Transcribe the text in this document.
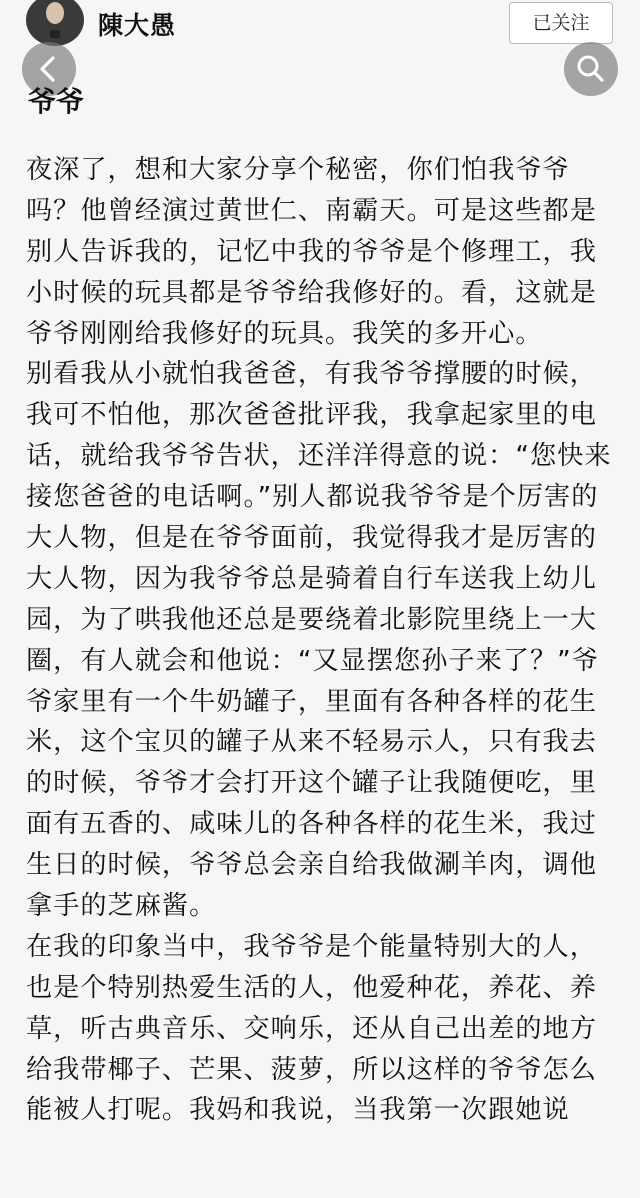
陳大愚	已关注
爷爷
夜深了，想和大家分享个秘密，你们怕我爷爷
吗？他曾经演过黄世仁、南霸天。可是这些都是
别人告诉我的，记忆中我的爷爷是个修理工，我
小时候的玩具都是爷爷给我修好的。看，这就是
爷爷刚刚给我修好的玩具。我笑的多开心。
别看我从小就怕我爸爸，有我爷爷撑腰的时候，
我可不怕他，那次爸爸批评我，我拿起家里的电
话，就给我爷爷告状，还洋洋得意的说：“您快来
接您爸爸的电话啊。”别人都说我爷爷是个厉害的
大人物，但是在爷爷面前，我觉得我才是厉害的
大人物，因为我爷爷总是骑着自行车送我上幼儿
园，为了哄我他还总是要绕着北影院里绕上一大
圈，有人就会和他说：“又显摆您孙子来了？”爷
爷家里有一个牛奶罐子，里面有各种各样的花生
米，这个宝贝的罐子从来不轻易示人，只有我去
的时候，爷爷才会打开这个罐子让我随便吃，里
面有五香的、咸味儿的各种各样的花生米，我过
生日的时候，爷爷总会亲自给我做涮羊肉，调他
拿手的芝麻酱。
在我的印象当中，我爷爷是个能量特别大的人，
也是个特别热爱生活的人，他爱种花，养花、养
草，听古典音乐、交响乐，还从自己出差的地方
给我带椰子、芒果、菠萝，所以这样的爷爷怎么
能被人打呢。我妈和我说，当我第一次跟她说
